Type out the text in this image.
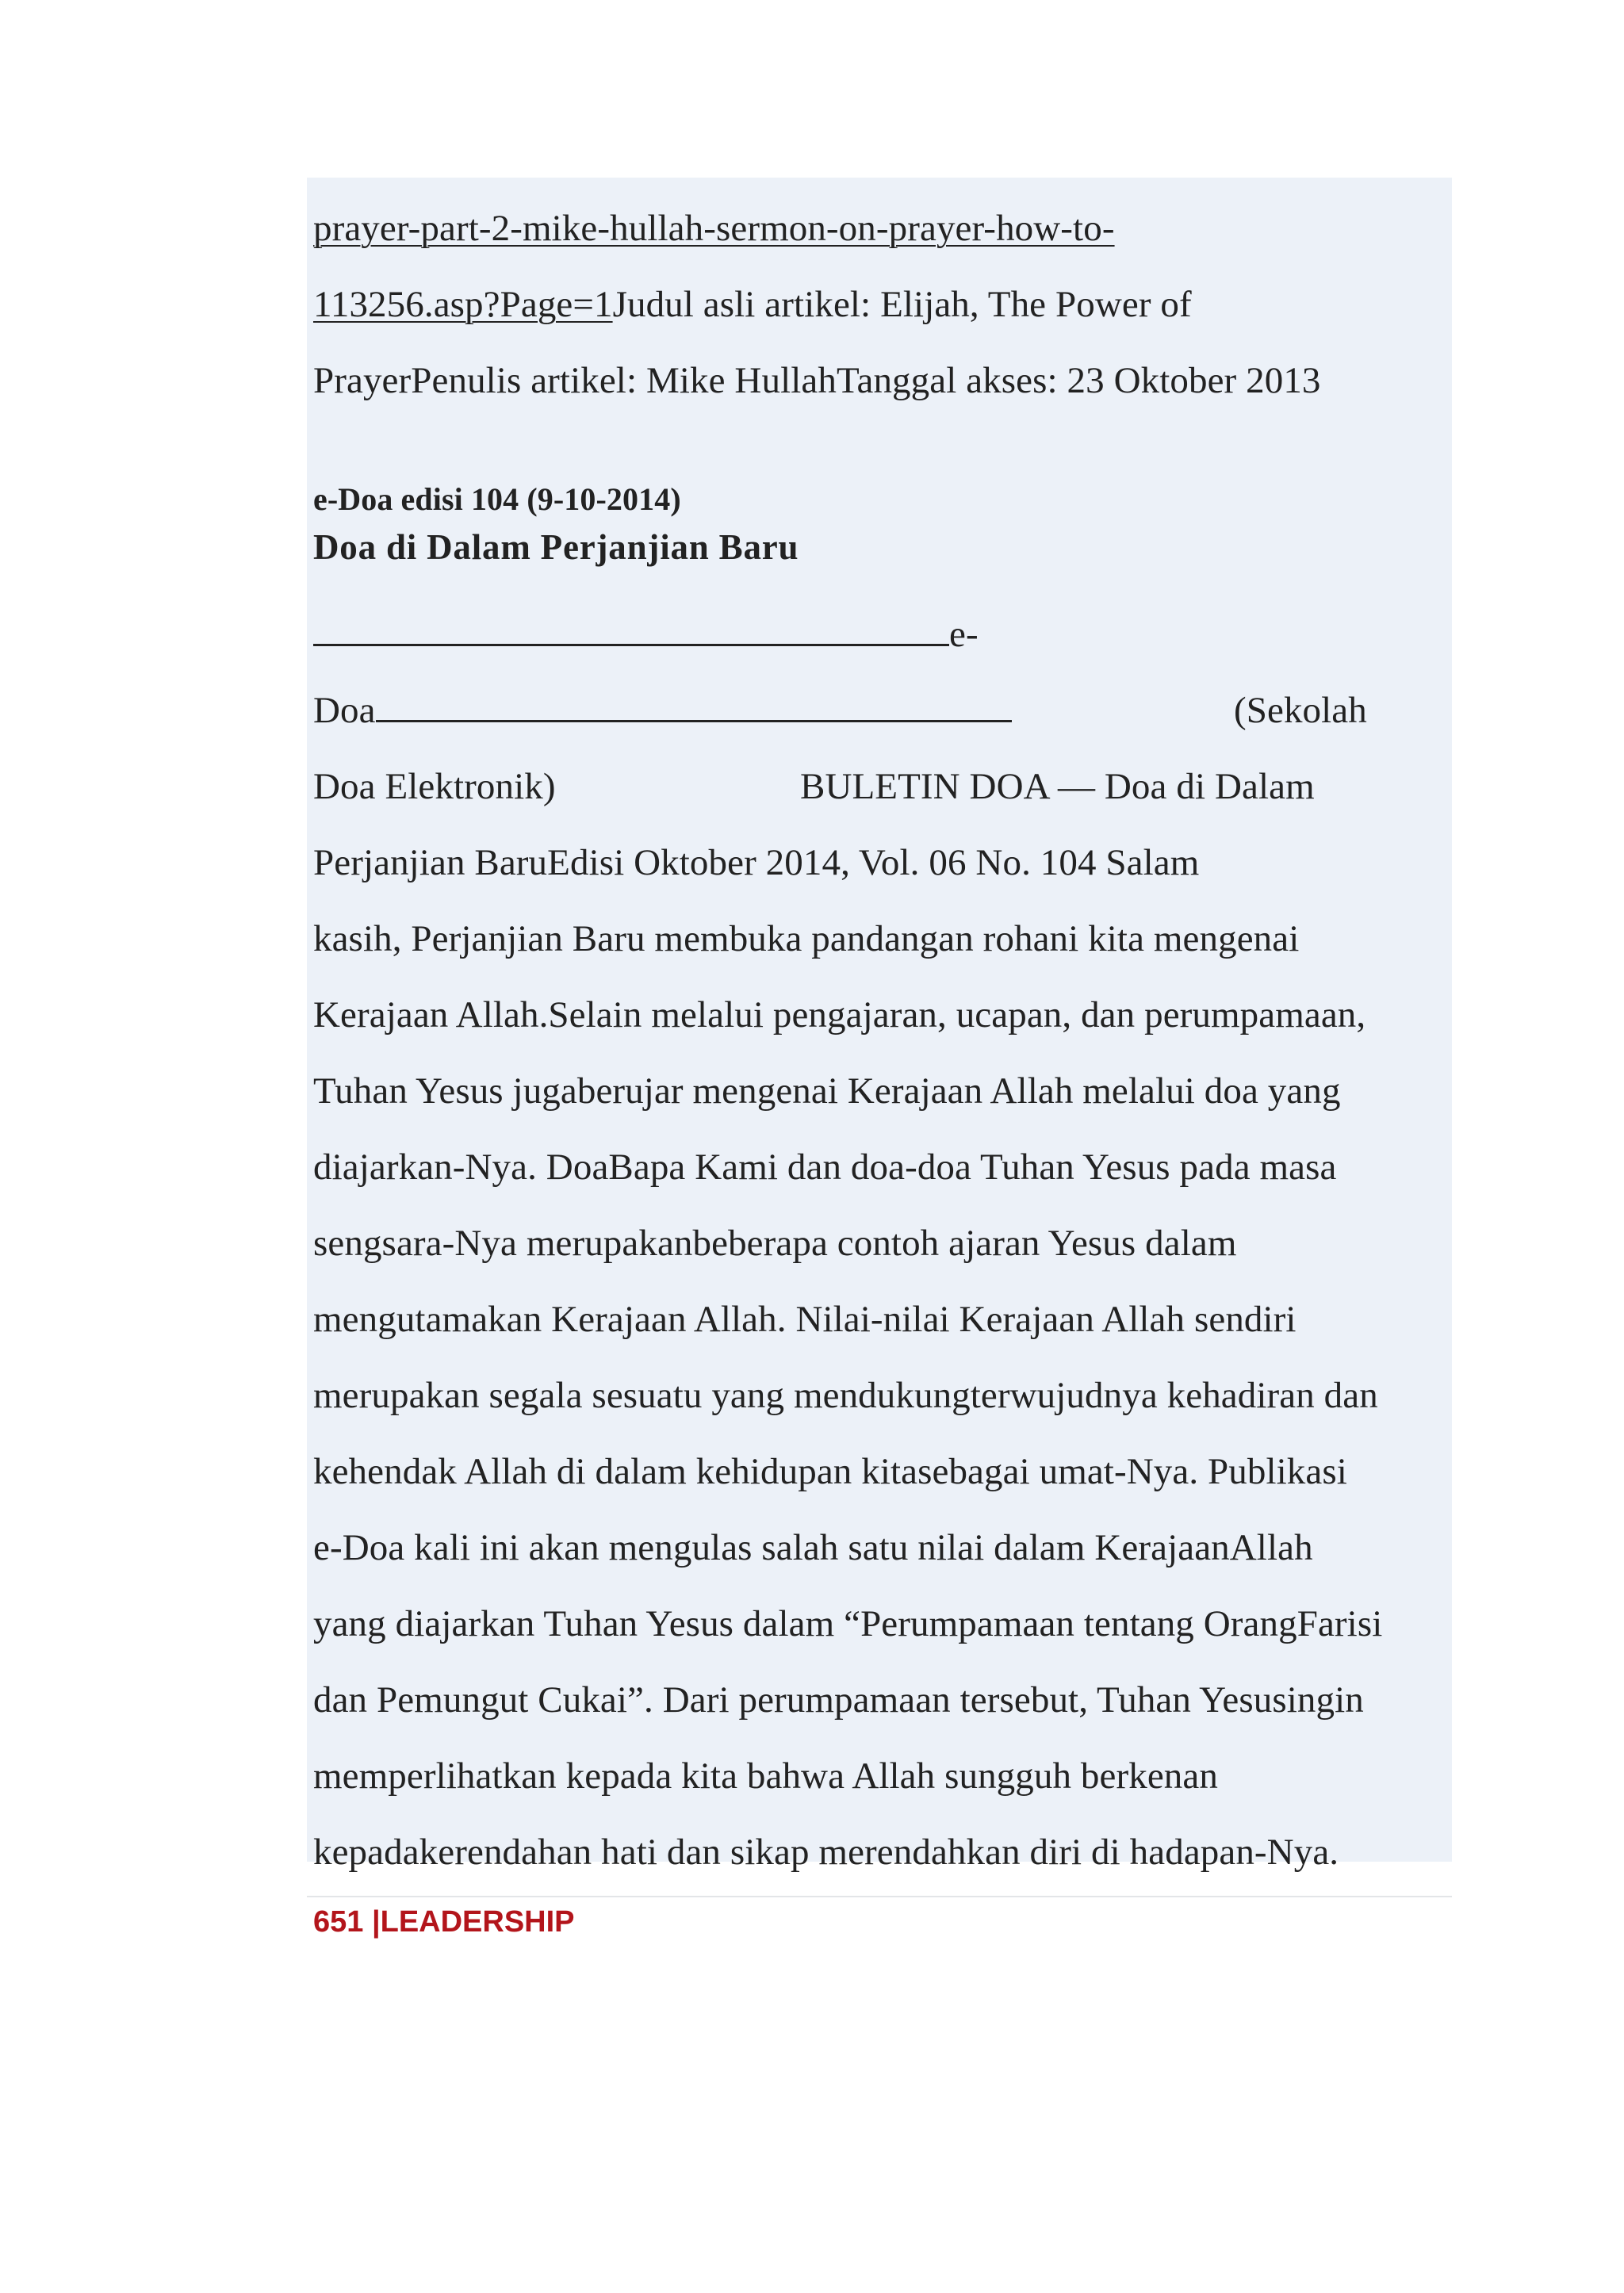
prayer-part-2-mike-hullah-sermon-on-prayer-how-to-
113256.asp?Page=1Judul asli artikel: Elijah, The Power of
PrayerPenulis artikel: Mike HullahTanggal akses: 23 Oktober 2013
e-Doa edisi 104 (9-10-2014)
Doa di Dalam Perjanjian Baru
e-
Doa	(Sekolah
Doa Elektronik)	BULETIN DOA — Doa di Dalam
Perjanjian BaruEdisi Oktober 2014, Vol. 06 No. 104 Salam
kasih, Perjanjian Baru membuka pandangan rohani kita mengenai
Kerajaan Allah.Selain melalui pengajaran, ucapan, dan perumpamaan,
Tuhan Yesus jugaberujar mengenai Kerajaan Allah melalui doa yang
diajarkan-Nya. DoaBapa Kami dan doa-doa Tuhan Yesus pada masa
sengsara-Nya merupakanbeberapa contoh ajaran Yesus dalam
mengutamakan Kerajaan Allah. Nilai-nilai Kerajaan Allah sendiri
merupakan segala sesuatu yang mendukungterwujudnya kehadiran dan
kehendak Allah di dalam kehidupan kitasebagai umat-Nya. Publikasi
e-Doa kali ini akan mengulas salah satu nilai dalam KerajaanAllah
yang diajarkan Tuhan Yesus dalam “Perumpamaan tentang OrangFarisi
dan Pemungut Cukai”. Dari perumpamaan tersebut, Tuhan Yesusingin
memperlihatkan kepada kita bahwa Allah sungguh berkenan
kepadakerendahan hati dan sikap merendahkan diri di hadapan-Nya.
651 |LEADERSHIP
